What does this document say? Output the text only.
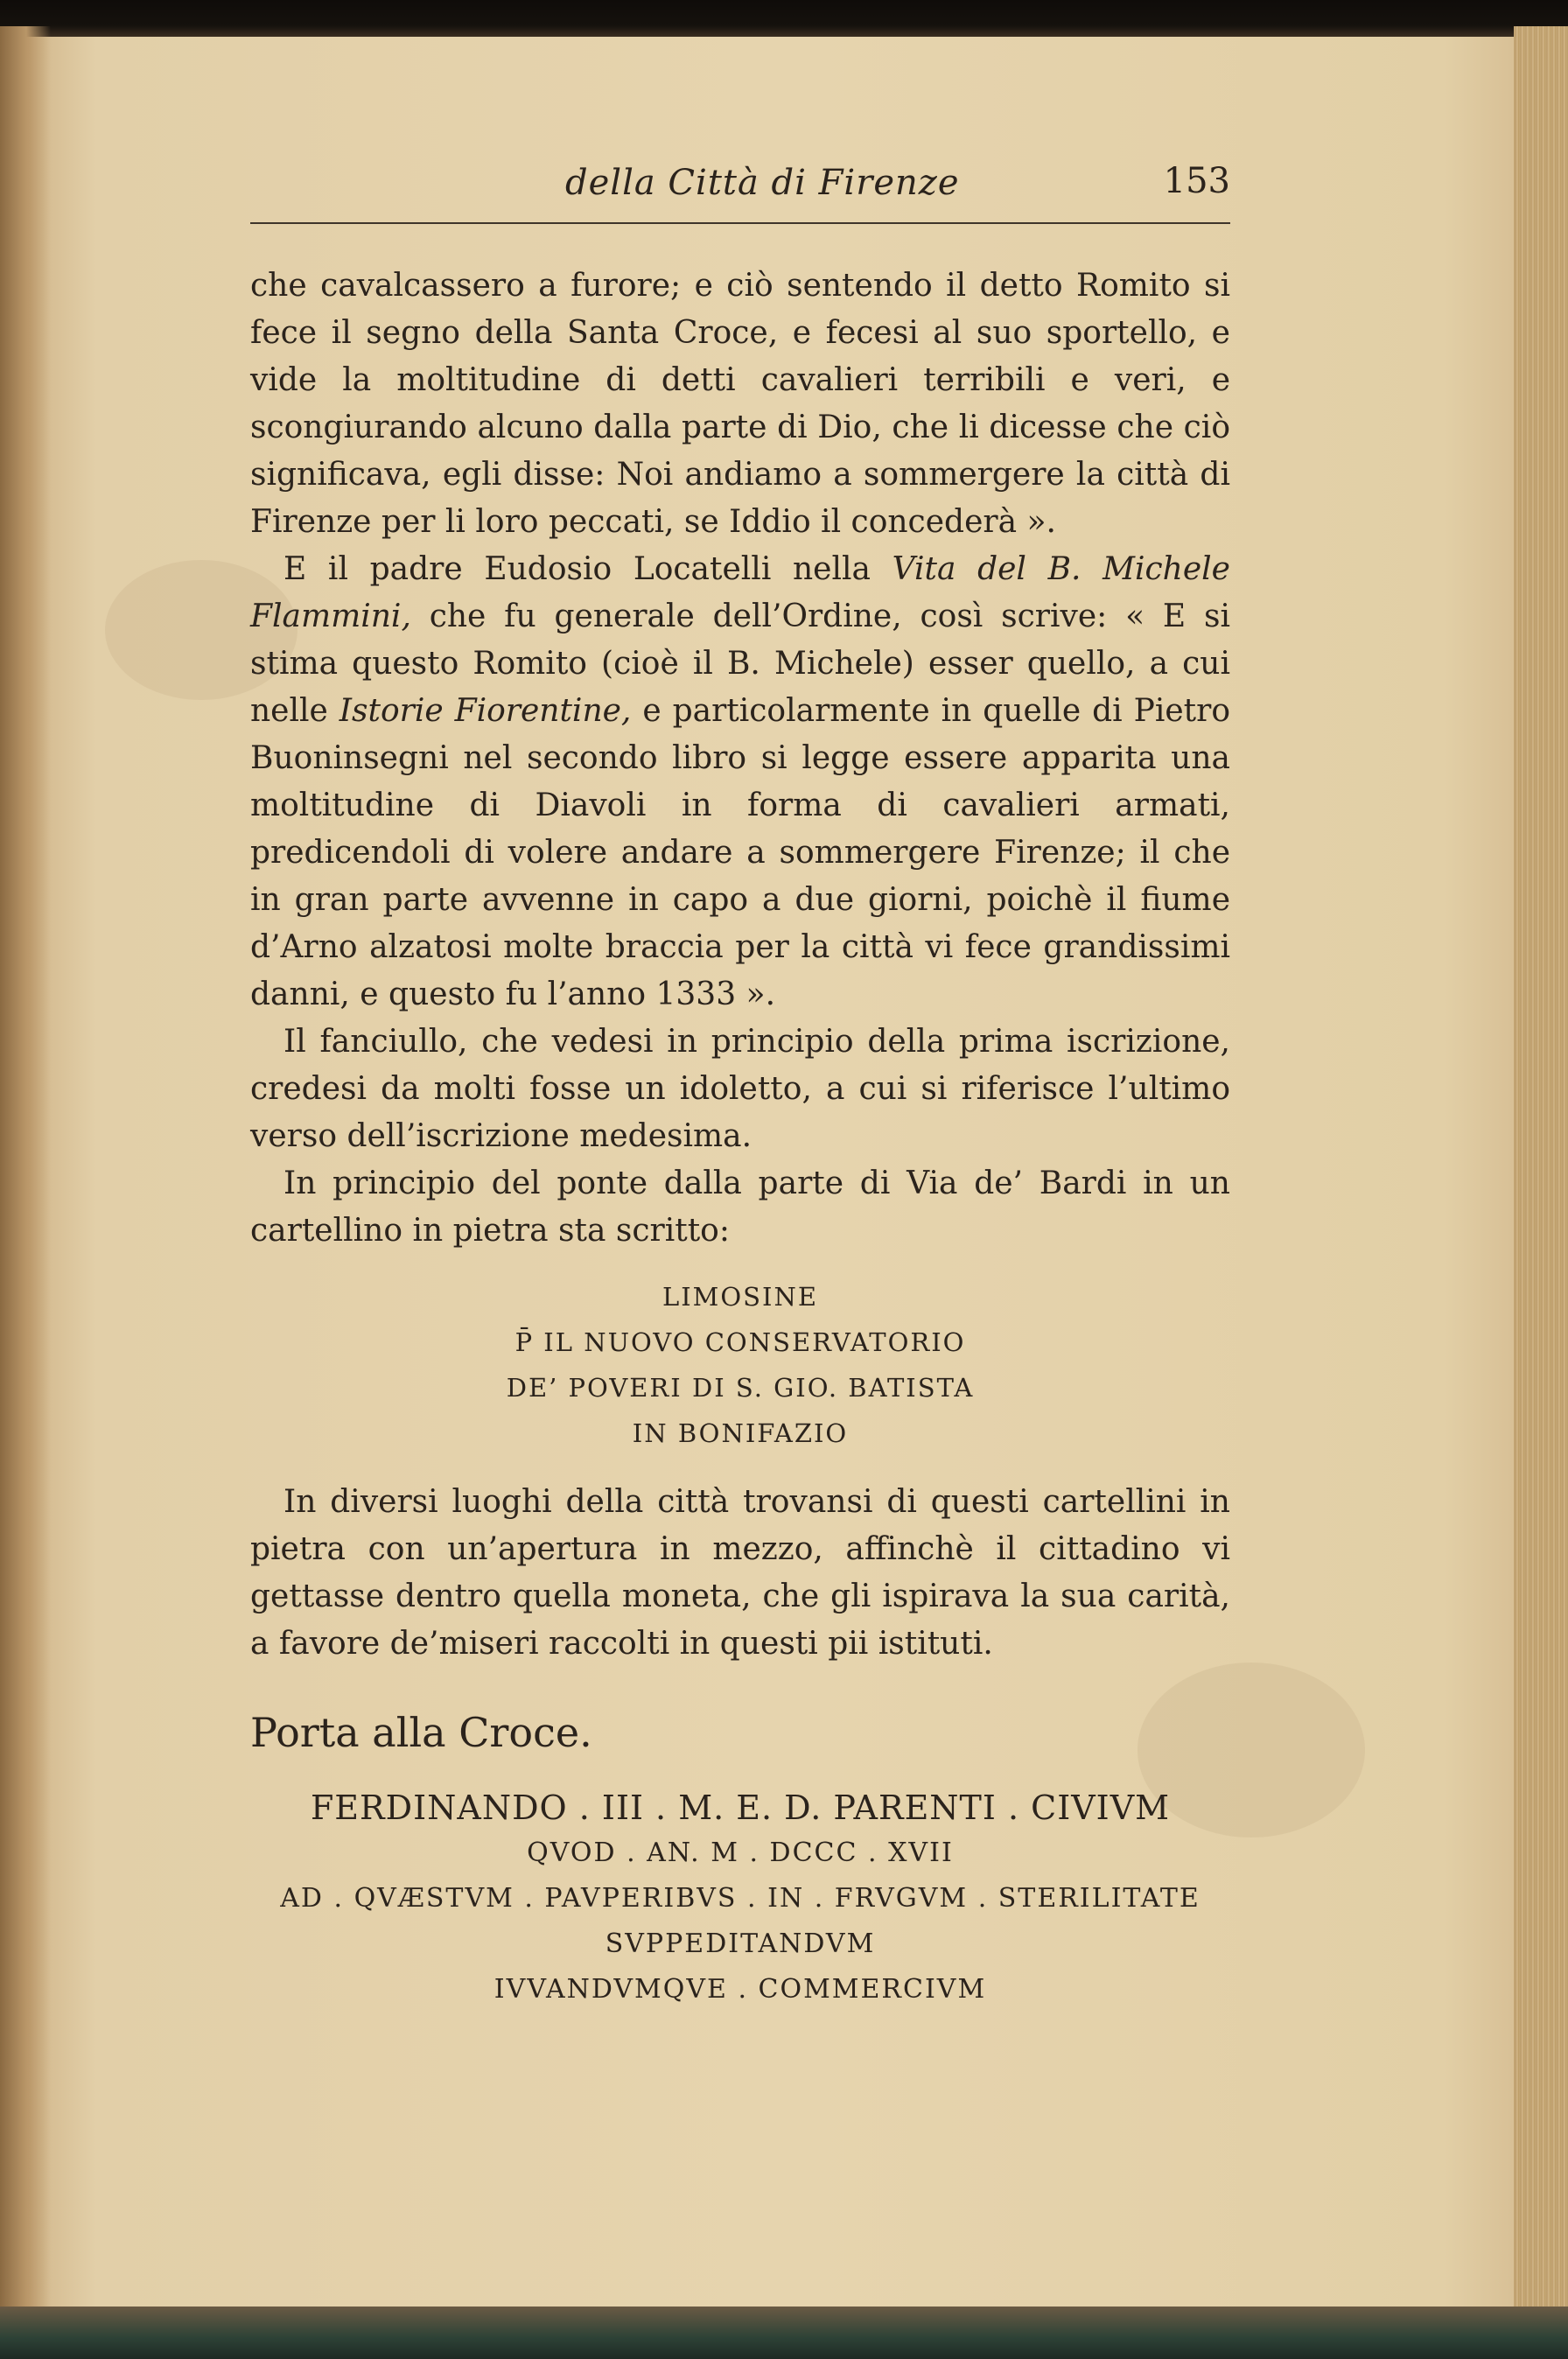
della Città di Firenze	153

che cavalcassero a furore; e ciò sentendo il detto Romito si fece il segno della Santa Croce, e fecesi al suo sportello, e vide la moltitudine di detti cavalieri terribili e veri, e scongiurando alcuno dalla parte di Dio, che li dicesse che ciò significava, egli disse: Noi andiamo a sommergere la città di Firenze per li loro peccati, se Iddio il concederà ».

E il padre Eudosio Locatelli nella Vita del B. Michele Flammini, che fu generale dell’Ordine, così scrive: « E si stima questo Romito (cioè il B. Michele) esser quello, a cui nelle Istorie Fiorentine, e particolarmente in quelle di Pietro Buoninsegni nel secondo libro si legge essere apparita una moltitudine di Diavoli in forma di cavalieri armati, predicendoli di volere andare a sommergere Firenze; il che in gran parte avvenne in capo a due giorni, poichè il fiume d’Arno alzatosi molte braccia per la città vi fece grandissimi danni, e questo fu l’anno 1333 ».

Il fanciullo, che vedesi in principio della prima iscrizione, credesi da molti fosse un idoletto, a cui si riferisce l’ultimo verso dell’iscrizione medesima.

In principio del ponte dalla parte di Via de’ Bardi in un cartellino in pietra sta scritto:

LIMOSINE
P̄ IL NUOVO CONSERVATORIO
DE’ POVERI DI S. GIO. BATISTA
IN BONIFAZIO

In diversi luoghi della città trovansi di questi cartellini in pietra con un’apertura in mezzo, affinchè il cittadino vi gettasse dentro quella moneta, che gli ispirava la sua carità, a favore de’miseri raccolti in questi pii istituti.

Porta alla Croce.
FERDINANDO . III . M. E. D. PARENTI . CIVIVM
QVOD . AN. M . DCCC . XVII
AD . QVÆSTVM . PAVPERIBVS . IN . FRVGVM . STERILITATE
SVPPEDITANDVM
IVVANDVMQVE . COMMERCIVM
